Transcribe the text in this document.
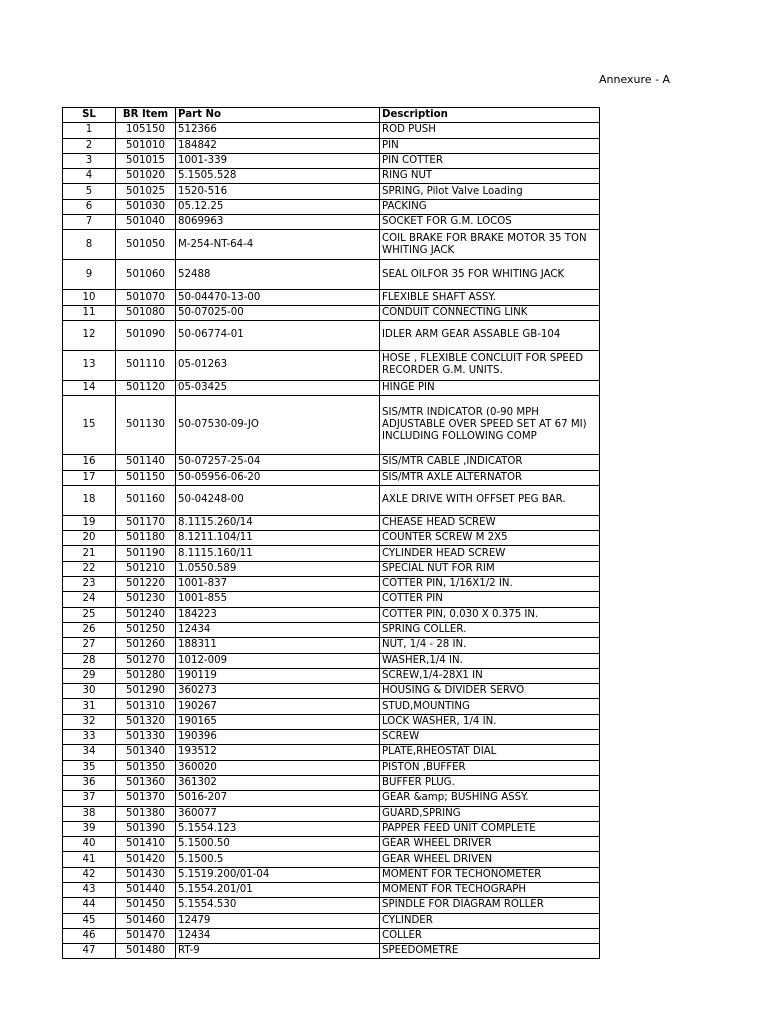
Annexure - A
SL	BR Item	Part No	Description
1	105150	512366	ROD PUSH
2	501010	184842	PIN
3	501015	1001-339	PIN COTTER
4	501020	5.1505.528	RING NUT
5	501025	1520-516	SPRING, Pilot Valve Loading
6	501030	05.12.25	PACKING
7	501040	8069963	SOCKET FOR G.M. LOCOS
8	501050	M-254-NT-64-4	COIL BRAKE FOR BRAKE MOTOR 35 TON WHITING JACK
9	501060	52488	SEAL OILFOR 35 FOR WHITING JACK
10	501070	50-04470-13-00	FLEXIBLE SHAFT ASSY.
11	501080	50-07025-00	CONDUIT CONNECTING LINK
12	501090	50-06774-01	IDLER ARM GEAR ASSABLE GB-104
13	501110	05-01263	HOSE , FLEXIBLE CONCLUIT FOR SPEED RECORDER G.M. UNITS.
14	501120	05-03425	HINGE PIN
15	501130	50-07530-09-JO	SIS/MTR INDICATOR (0-90 MPH ADJUSTABLE OVER SPEED SET AT 67 MI) INCLUDING FOLLOWING COMP
16	501140	50-07257-25-04	SIS/MTR CABLE ,INDICATOR
17	501150	50-05956-06-20	SIS/MTR AXLE ALTERNATOR
18	501160	50-04248-00	AXLE DRIVE WITH OFFSET PEG BAR.
19	501170	8.1115.260/14	CHEASE HEAD SCREW
20	501180	8.1211.104/11	COUNTER SCREW M 2X5
21	501190	8.1115.160/11	CYLINDER HEAD SCREW
22	501210	1.0550.589	SPECIAL NUT FOR RIM
23	501220	1001-837	COTTER PIN, 1/16X1/2 IN.
24	501230	1001-855	COTTER PIN
25	501240	184223	COTTER PIN, 0.030 X 0.375 IN.
26	501250	12434	SPRING COLLER.
27	501260	188311	NUT, 1/4 - 28 IN.
28	501270	1012-009	WASHER,1/4 IN.
29	501280	190119	SCREW,1/4-28X1 IN
30	501290	360273	HOUSING & DIVIDER SERVO
31	501310	190267	STUD,MOUNTING
32	501320	190165	LOCK WASHER, 1/4 IN.
33	501330	190396	SCREW
34	501340	193512	PLATE,RHEOSTAT DIAL
35	501350	360020	PISTON ,BUFFER
36	501360	361302	BUFFER PLUG.
37	501370	5016-207	GEAR &amp; BUSHING ASSY.
38	501380	360077	GUARD,SPRING
39	501390	5.1554.123	PAPPER FEED UNIT COMPLETE
40	501410	5.1500.50	GEAR WHEEL DRIVER
41	501420	5.1500.5	GEAR WHEEL DRIVEN
42	501430	5.1519.200/01-04	MOMENT FOR TECHONOMETER
43	501440	5.1554.201/01	MOMENT FOR TECHOGRAPH
44	501450	5.1554.530	SPINDLE FOR DIAGRAM ROLLER
45	501460	12479	CYLINDER
46	501470	12434	COLLER
47	501480	RT-9	SPEEDOMETRE
